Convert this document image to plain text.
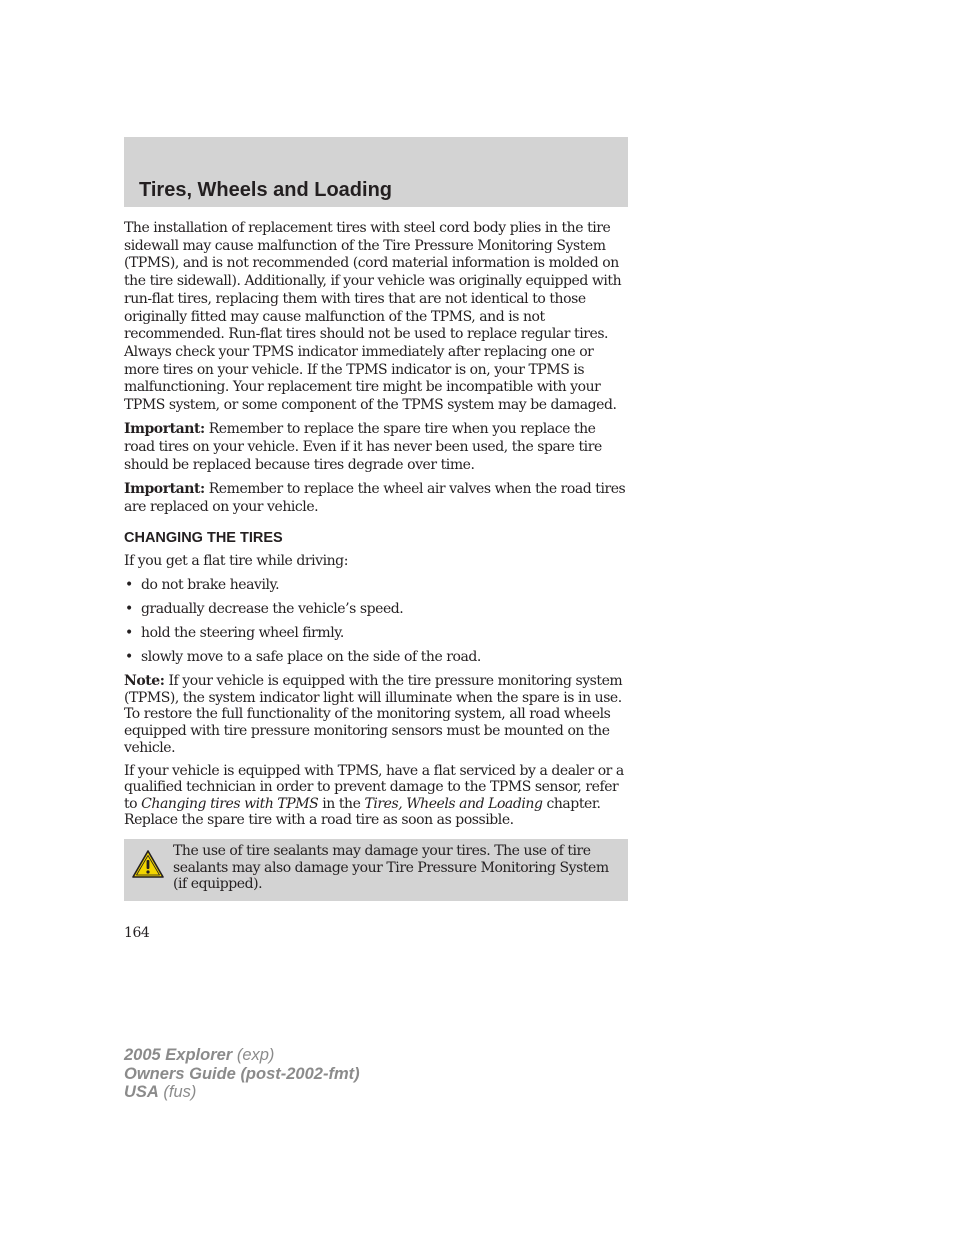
Tires, Wheels and Loading

The installation of replacement tires with steel cord body plies in the tire sidewall may cause malfunction of the Tire Pressure Monitoring System (TPMS), and is not recommended (cord material information is molded on the tire sidewall). Additionally, if your vehicle was originally equipped with run-flat tires, replacing them with tires that are not identical to those originally fitted may cause malfunction of the TPMS, and is not recommended. Run-flat tires should not be used to replace regular tires. Always check your TPMS indicator immediately after replacing one or more tires on your vehicle. If the TPMS indicator is on, your TPMS is malfunctioning. Your replacement tire might be incompatible with your TPMS system, or some component of the TPMS system may be damaged.

Important: Remember to replace the spare tire when you replace the road tires on your vehicle. Even if it has never been used, the spare tire should be replaced because tires degrade over time.

Important: Remember to replace the wheel air valves when the road tires are replaced on your vehicle.

CHANGING THE TIRES

If you get a flat tire while driving:

• do not brake heavily.
• gradually decrease the vehicle’s speed.
• hold the steering wheel firmly.
• slowly move to a safe place on the side of the road.

Note: If your vehicle is equipped with the tire pressure monitoring system (TPMS), the system indicator light will illuminate when the spare is in use. To restore the full functionality of the monitoring system, all road wheels equipped with tire pressure monitoring sensors must be mounted on the vehicle.

If your vehicle is equipped with TPMS, have a flat serviced by a dealer or a qualified technician in order to prevent damage to the TPMS sensor, refer to Changing tires with TPMS in the Tires, Wheels and Loading chapter. Replace the spare tire with a road tire as soon as possible.

The use of tire sealants may damage your tires. The use of tire sealants may also damage your Tire Pressure Monitoring System (if equipped).
164
2005 Explorer (exp)
Owners Guide (post-2002-fmt)
USA (fus)
